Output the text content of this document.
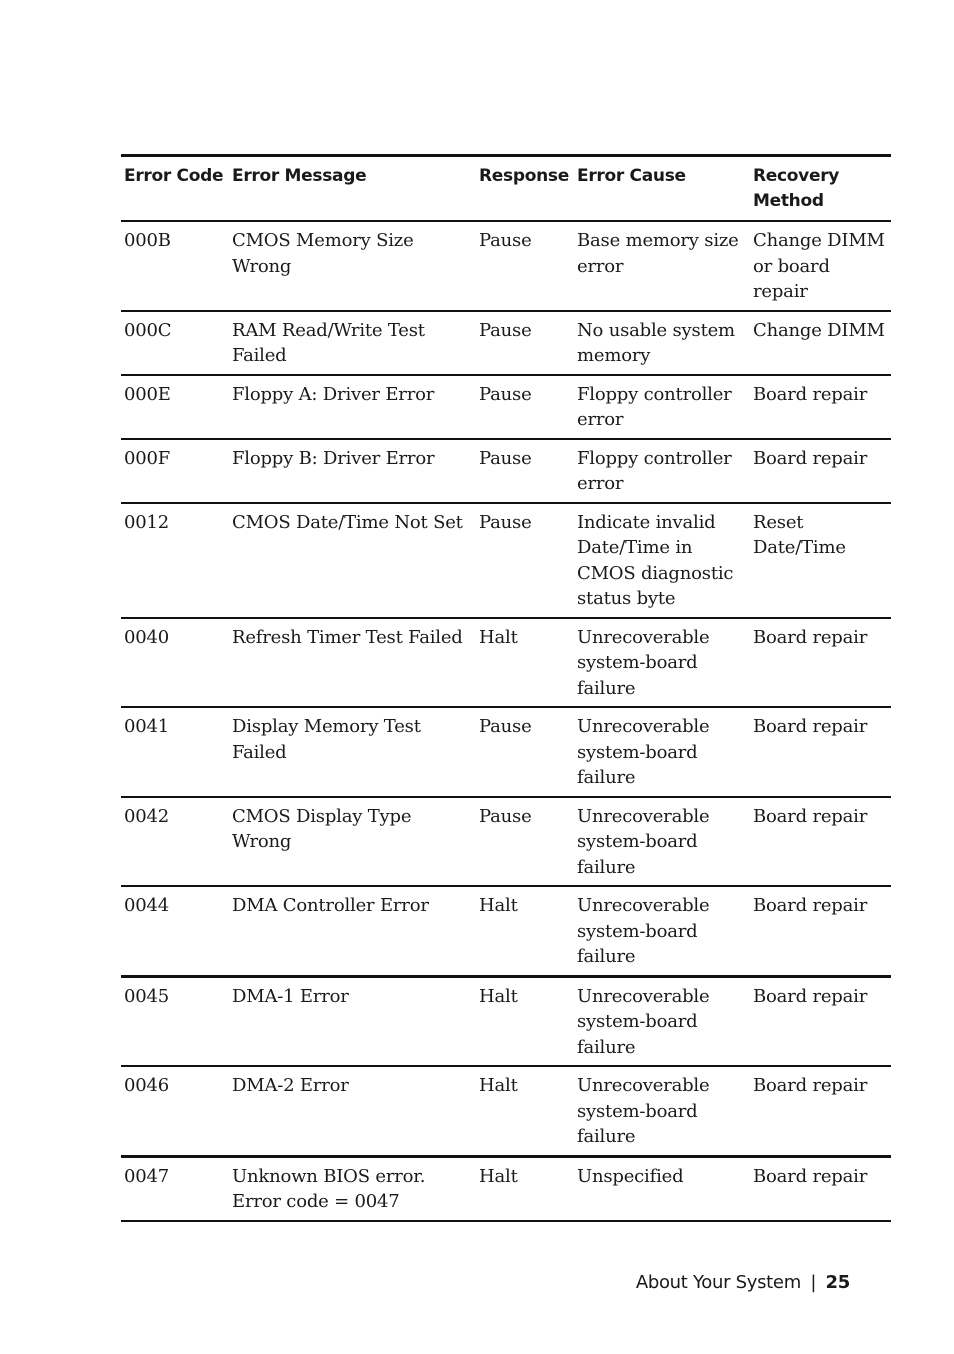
Error Code	Error Message	Response	Error Cause	Recovery Method
000B	CMOS Memory Size Wrong	Pause	Base memory size error	Change DIMM or board repair
000C	RAM Read/Write Test Failed	Pause	No usable system memory	Change DIMM
000E	Floppy A: Driver Error	Pause	Floppy controller error	Board repair
000F	Floppy B: Driver Error	Pause	Floppy controller error	Board repair
0012	CMOS Date/Time Not Set	Pause	Indicate invalid Date/Time in CMOS diagnostic status byte	Reset Date/Time
0040	Refresh Timer Test Failed	Halt	Unrecoverable system-board failure	Board repair
0041	Display Memory Test Failed	Pause	Unrecoverable system-board failure	Board repair
0042	CMOS Display Type Wrong	Pause	Unrecoverable system-board failure	Board repair
0044	DMA Controller Error	Halt	Unrecoverable system-board failure	Board repair
0045	DMA-1 Error	Halt	Unrecoverable system-board failure	Board repair
0046	DMA-2 Error	Halt	Unrecoverable system-board failure	Board repair
0047	Unknown BIOS error. Error code = 0047	Halt	Unspecified	Board repair
About Your System | 25
